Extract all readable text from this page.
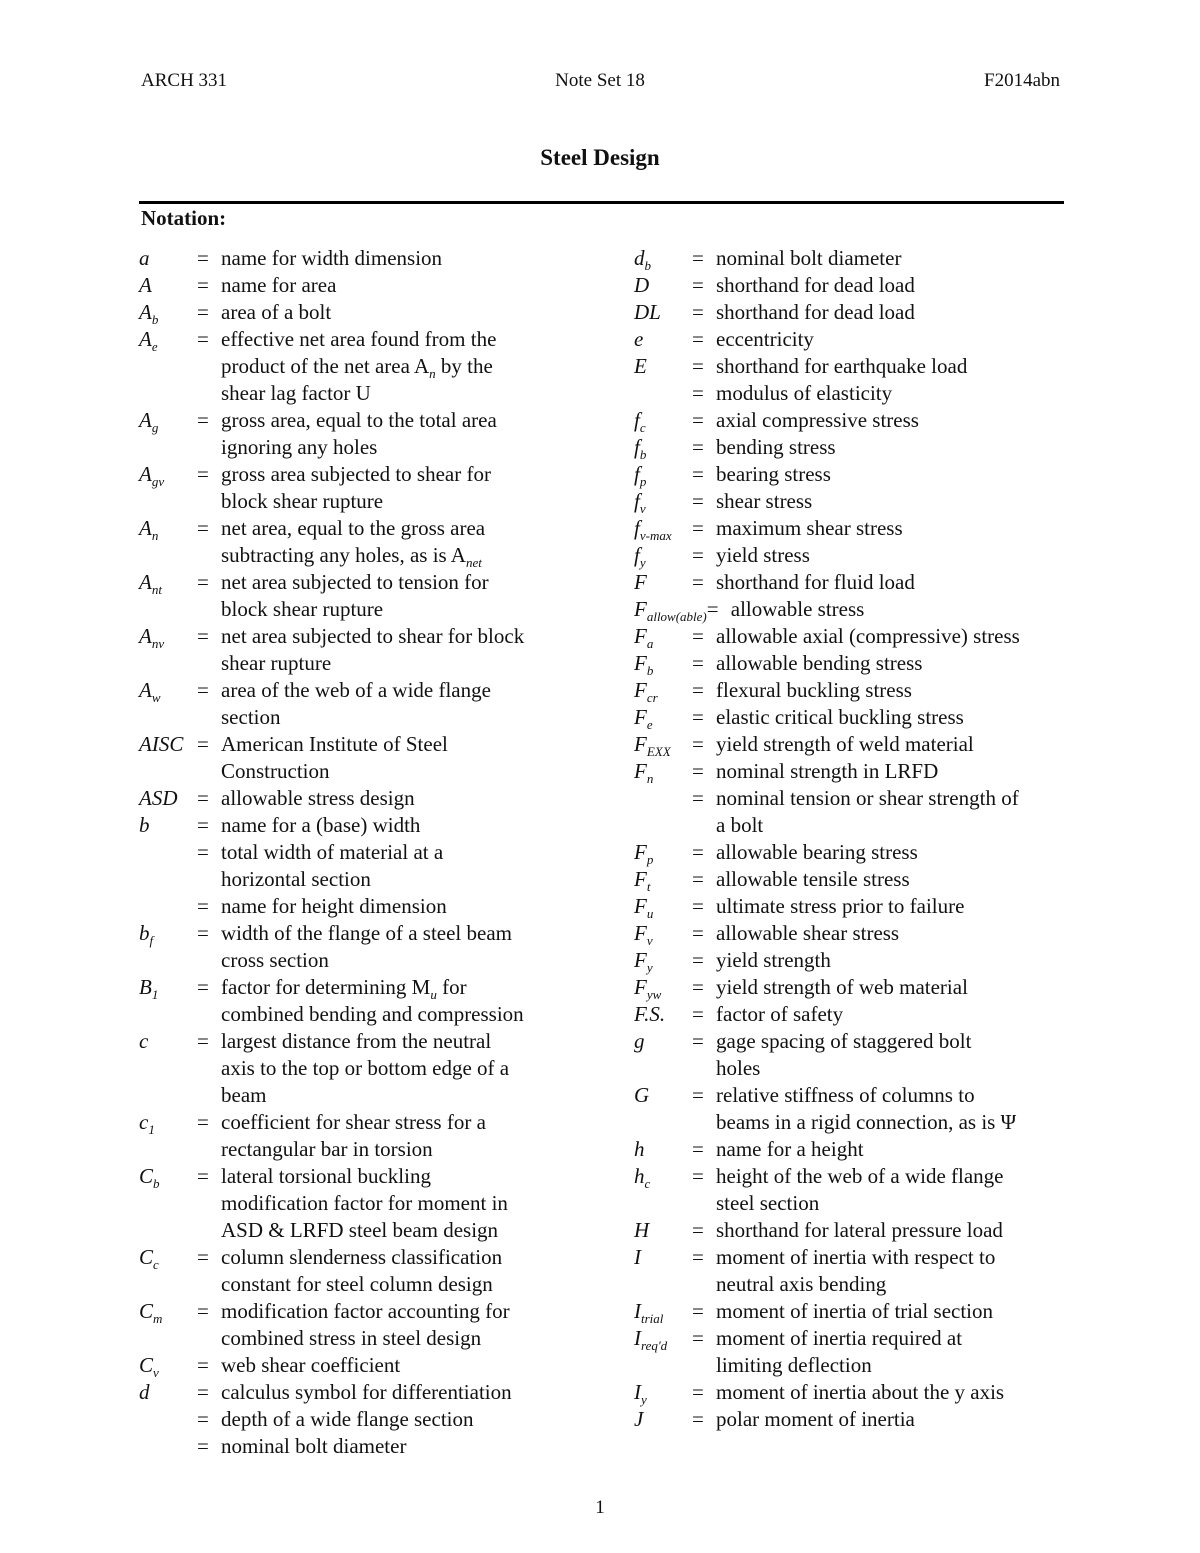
ARCH 331	Note Set 18	F2014abn
Steel Design
Notation:
a	= name for width dimension
A	= name for area
$A_b$	= area of a bolt
$A_e$	= effective net area found from the
product of the net area $A_n$ by the
shear lag factor U
$A_g$	= gross area, equal to the total area
ignoring any holes
$A_{gv}$	= gross area subjected to shear for
block shear rupture
$A_n$	= net area, equal to the gross area
subtracting any holes, as is $A_{net}$
$A_{nt}$	= net area subjected to tension for
block shear rupture
$A_{nv}$	= net area subjected to shear for block
shear rupture
$A_w$	= area of the web of a wide flange
section
AISC = American Institute of Steel
Construction
ASD = allowable stress design
b	= name for a (base) width
= total width of material at a
horizontal section
= name for height dimension
$b_f$	= width of the flange of a steel beam
cross section
$B_1$	= factor for determining $M_u$ for
combined bending and compression
c	= largest distance from the neutral
axis to the top or bottom edge of a
beam
$c_1$	= coefficient for shear stress for a
rectangular bar in torsion
$C_b$	= lateral torsional buckling
modification factor for moment in
ASD & LRFD steel beam design
$C_c$	= column slenderness classification
constant for steel column design
$C_m$	= modification factor accounting for
combined stress in steel design
$C_v$	= web shear coefficient
d	= calculus symbol for differentiation
= depth of a wide flange section
= nominal bolt diameter
$d_b$	= nominal bolt diameter
D	= shorthand for dead load
DL	= shorthand for dead load
e	= eccentricity
E	= shorthand for earthquake load
= modulus of elasticity
$f_c$	= axial compressive stress
$f_b$	= bending stress
$f_p$	= bearing stress
$f_v$	= shear stress
$f_{v-max}$ = maximum shear stress
$f_y$	= yield stress
F	= shorthand for fluid load
$F_{allow(able)}$ = allowable stress
$F_a$	= allowable axial (compressive) stress
$F_b$	= allowable bending stress
$F_{cr}$	= flexural buckling stress
$F_e$	= elastic critical buckling stress
$F_{EXX}$	= yield strength of weld material
$F_n$	= nominal strength in LRFD
= nominal tension or shear strength of
a bolt
$F_p$	= allowable bearing stress
$F_t$	= allowable tensile stress
$F_u$	= ultimate stress prior to failure
$F_v$	= allowable shear stress
$F_y$	= yield strength
$F_{yw}$	= yield strength of web material
F.S.	= factor of safety
g	= gage spacing of staggered bolt
holes
G	= relative stiffness of columns to
beams in a rigid connection, as is Ψ
h	= name for a height
$h_c$	= height of the web of a wide flange
steel section
H	= shorthand for lateral pressure load
I	= moment of inertia with respect to
neutral axis bending
$I_{trial}$	= moment of inertia of trial section
$I_{req'd}$	= moment of inertia required at
limiting deflection
$I_y$	= moment of inertia about the y axis
J	= polar moment of inertia
1
